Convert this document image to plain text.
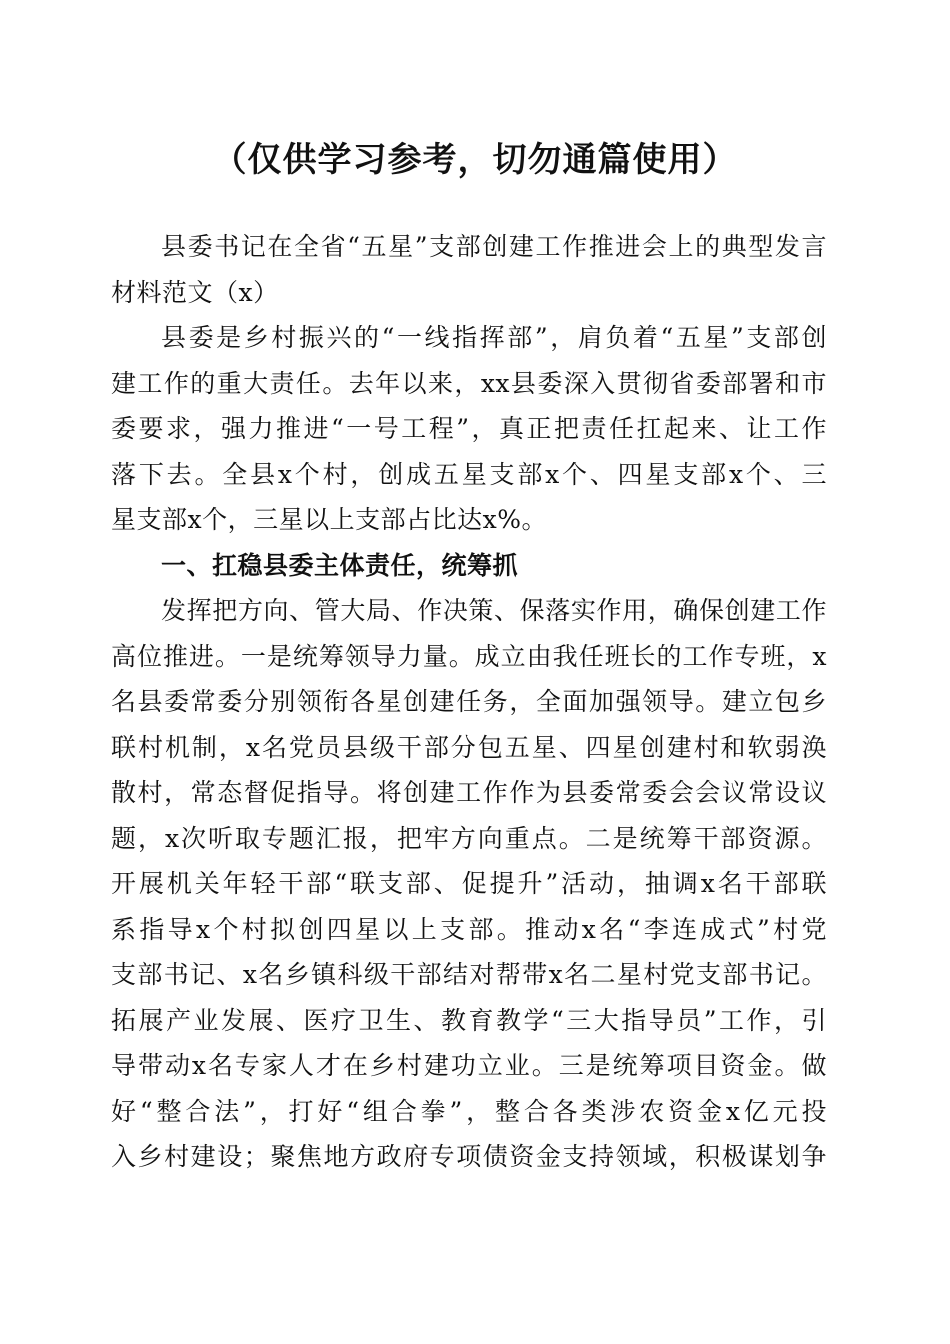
（仅供学习参考，切勿通篇使用）
县委书记在全省“五星”支部创建工作推进会上的典型发言
材料范文（x）
县委是乡村振兴的“一线指挥部”，肩负着“五星”支部创
建工作的重大责任。去年以来，xx县委深入贯彻省委部署和市
委要求，强力推进“一号工程”，真正把责任扛起来、让工作
落下去。全县x个村，创成五星支部x个、四星支部x个、三
星支部x个，三星以上支部占比达x%。
一、扛稳县委主体责任，统筹抓
发挥把方向、管大局、作决策、保落实作用，确保创建工作
高位推进。一是统筹领导力量。成立由我任班长的工作专班，x
名县委常委分别领衔各星创建任务，全面加强领导。建立包乡
联村机制，x名党员县级干部分包五星、四星创建村和软弱涣
散村，常态督促指导。将创建工作作为县委常委会会议常设议
题，x次听取专题汇报，把牢方向重点。二是统筹干部资源。
开展机关年轻干部“联支部、促提升”活动，抽调x名干部联
系指导x个村拟创四星以上支部。推动x名“李连成式”村党
支部书记、x名乡镇科级干部结对帮带x名二星村党支部书记。
拓展产业发展、医疗卫生、教育教学“三大指导员”工作，引
导带动x名专家人才在乡村建功立业。三是统筹项目资金。做
好“整合法”，打好“组合拳”，整合各类涉农资金x亿元投
入乡村建设；聚焦地方政府专项债资金支持领域，积极谋划争
